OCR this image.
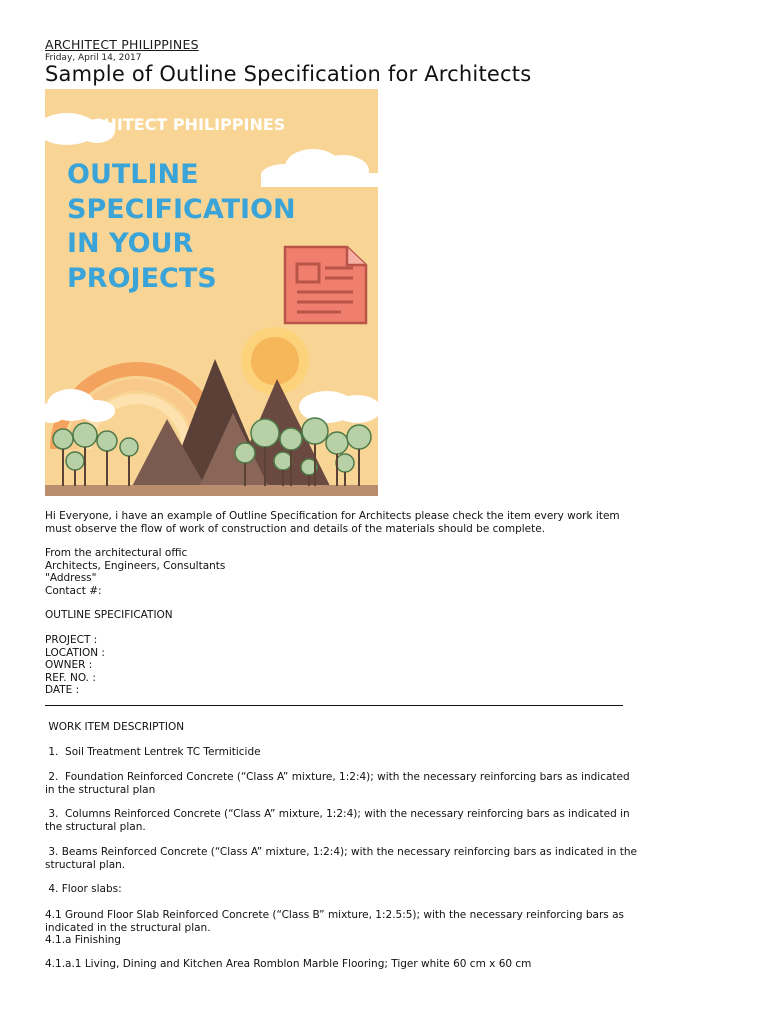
ARCHITECT PHILIPPINES
Friday, April 14, 2017
Sample of Outline Specification for Architects
ARCHITECT PHILIPPINES
OUTLINE
SPECIFICATION
IN YOUR
PROJECTS
Hi Everyone, i have an example of Outline Specification for Architects please check the item every work item
must observe the flow of work of construction and details of the materials should be complete.
From the architectural offic
Architects, Engineers, Consultants
"Address"
Contact #:
OUTLINE SPECIFICATION
PROJECT :
LOCATION :
OWNER :
REF. NO. :
DATE :
WORK ITEM DESCRIPTION
1.  Soil Treatment Lentrek TC Termiticide
2.  Foundation Reinforced Concrete (“Class A” mixture, 1:2:4); with the necessary reinforcing bars as indicated
in the structural plan
3.  Columns Reinforced Concrete (“Class A” mixture, 1:2:4); with the necessary reinforcing bars as indicated in
the structural plan.
3. Beams Reinforced Concrete (“Class A” mixture, 1:2:4); with the necessary reinforcing bars as indicated in the
structural plan.
4. Floor slabs:
4.1 Ground Floor Slab Reinforced Concrete (“Class B” mixture, 1:2.5:5); with the necessary reinforcing bars as
indicated in the structural plan.
4.1.a Finishing
4.1.a.1 Living, Dining and Kitchen Area Romblon Marble Flooring; Tiger white 60 cm x 60 cm
